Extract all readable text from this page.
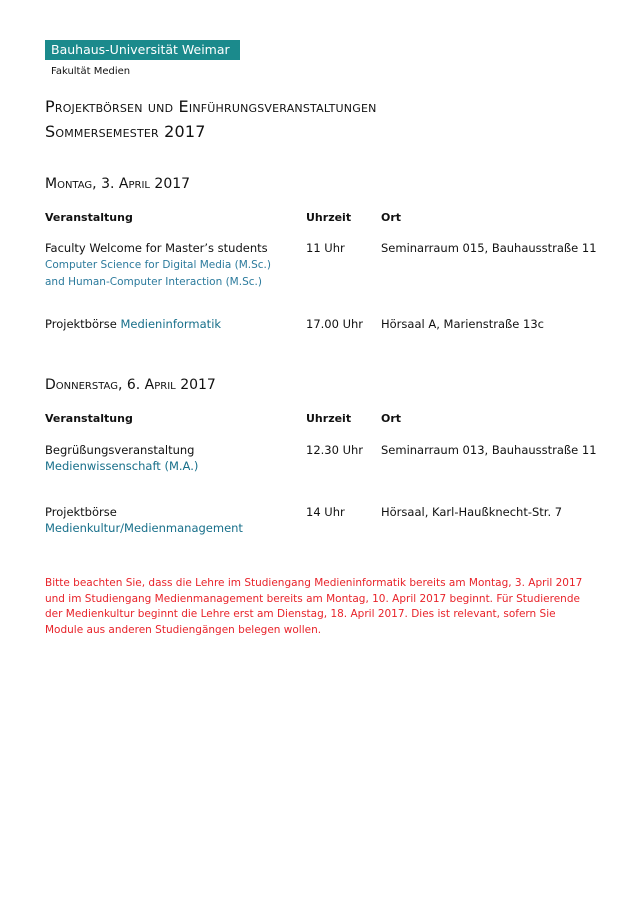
Bauhaus-Universität Weimar
Fakultät Medien
Projektbörsen und Einführungsveranstaltungen
Sommersemester 2017
Montag, 3. April 2017
Veranstaltung	Uhrzeit	Ort
Faculty Welcome for Master’s students
Computer Science for Digital Media (M.Sc.)
and Human-Computer Interaction (M.Sc.)
11 Uhr	Seminarraum 015, Bauhausstraße 11
Projektbörse Medieninformatik	17.00 Uhr Hörsaal A, Marienstraße 13c
Donnerstag, 6. April 2017
Veranstaltung	Uhrzeit	Ort
Begrüßungsveranstaltung
Medienwissenschaft (M.A.)
12.30 Uhr Seminarraum 013, Bauhausstraße 11
Projektbörse
Medienkultur/Medienmanagement
14 Uhr	Hörsaal, Karl-Haußknecht-Str. 7

Bitte beachten Sie, dass die Lehre im Studiengang Medieninformatik bereits am Montag, 3. April 2017
und im Studiengang Medienmanagement bereits am Montag, 10. April 2017 beginnt. Für Studierende
der Medienkultur beginnt die Lehre erst am Dienstag, 18. April 2017. Dies ist relevant, sofern Sie
Module aus anderen Studiengängen belegen wollen.
